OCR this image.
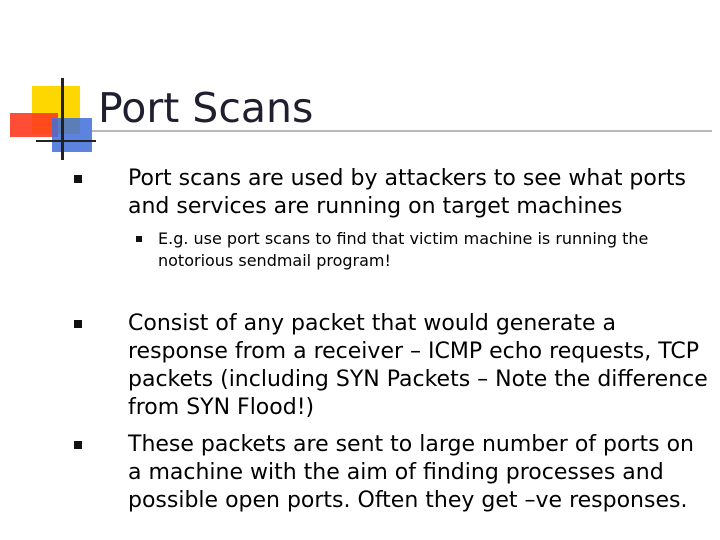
Port Scans
Port scans are used by attackers to see what ports and services are running on target machines
E.g. use port scans to find that victim machine is running the notorious sendmail program!
Consist of any packet that would generate a response from a receiver – ICMP echo requests, TCP packets (including SYN Packets – Note the difference from SYN Flood!)
These packets are sent to large number of ports on a machine with the aim of finding processes and possible open ports. Often they get –ve responses.
